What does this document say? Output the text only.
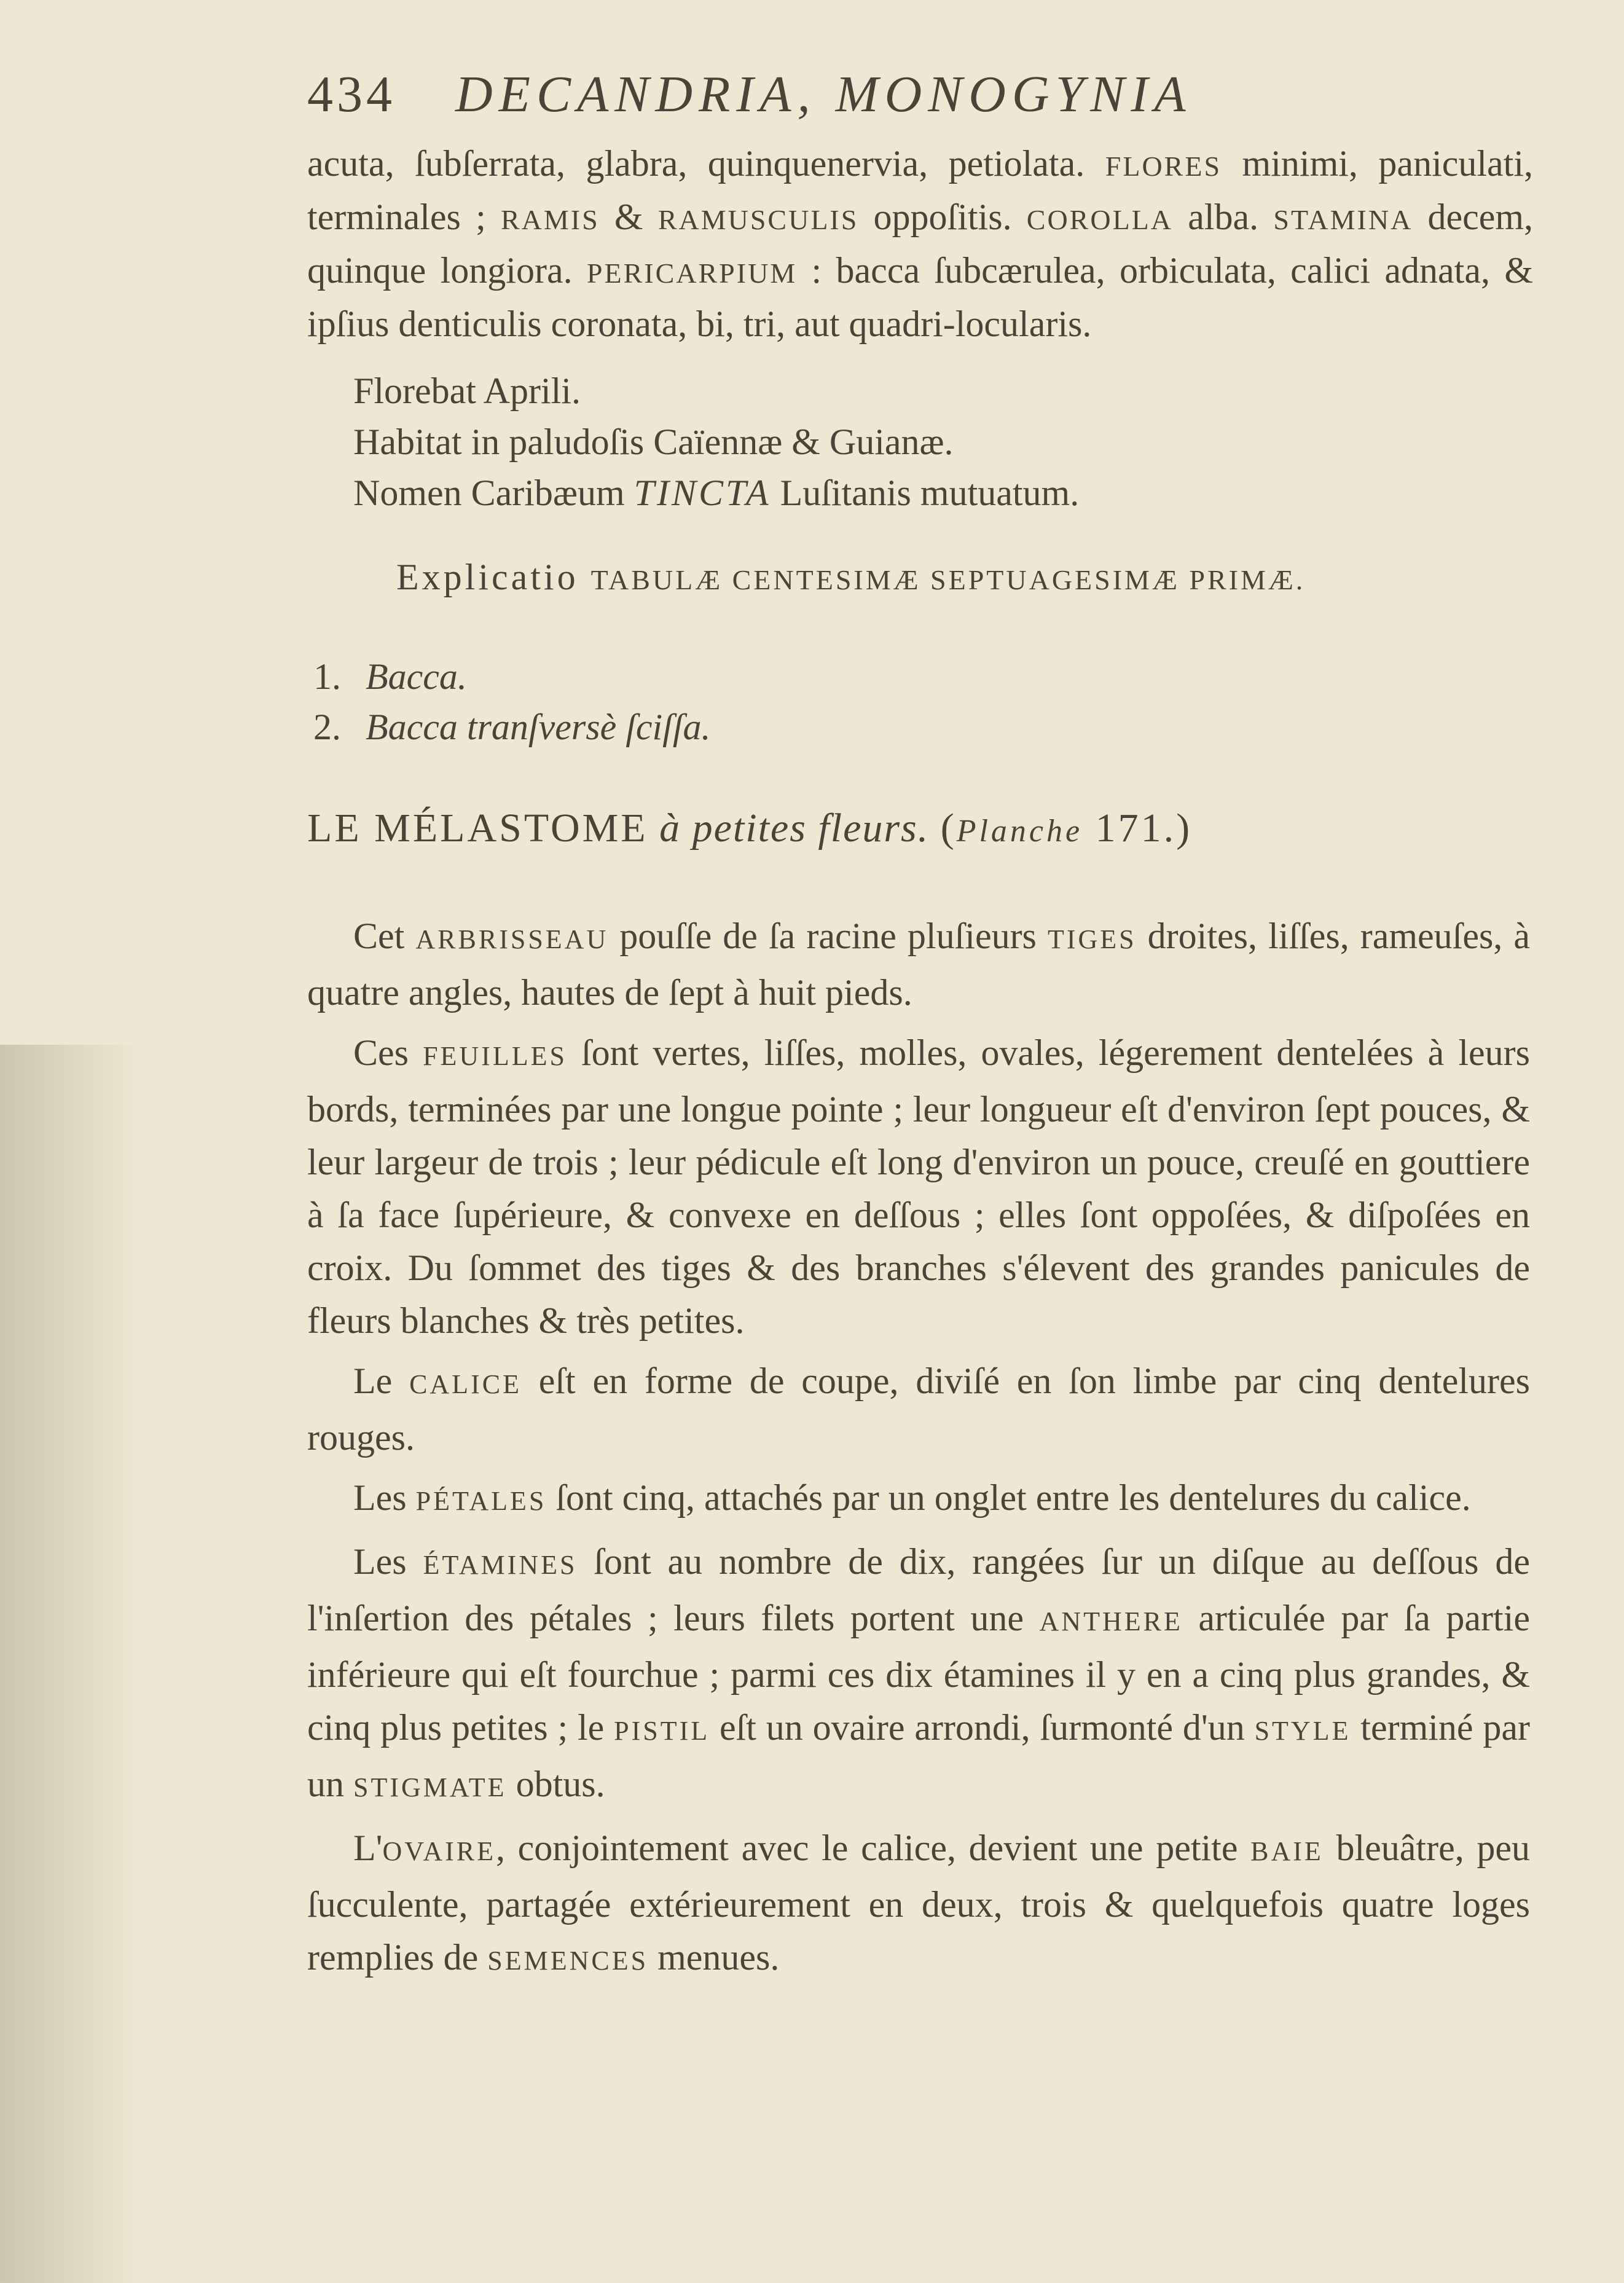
434 DECANDRIA, MONOGYNIA

acuta, ſubſerrata, glabra, quinquenervia, petiolata. FLORES minimi, paniculati, terminales ; RAMIS & RAMUSCULIS oppoſitis. COROLLA alba. STAMINA decem, quinque longiora. PERICARPIUM : bacca ſubcærulea, orbiculata, calici adnata, & ipſius denticulis coronata, bi, tri, aut quadri-locularis.

Florebat Aprili.

Habitat in paludoſis Caïennæ & Guianæ.

Nomen Caribæum TINCTA Luſitanis mutuatum.

Explicatio TABULÆ CENTESIMÆ SEPTUAGESIMÆ PRIMÆ.

1. Bacca.

2. Bacca tranſversè ſciſſa.

LE MÉLASTOME à petites fleurs. (Planche 171.)

Cet ARBRISSEAU pouſſe de ſa racine pluſieurs TIGES droites, liſſes, rameuſes, à quatre angles, hautes de ſept à huit pieds.

Ces FEUILLES ſont vertes, liſſes, molles, ovales, légerement dentelées à leurs bords, terminées par une longue pointe ; leur longueur eſt d'environ ſept pouces, & leur largeur de trois ; leur pédicule eſt long d'environ un pouce, creuſé en gouttiere à ſa face ſupérieure, & convexe en deſſous ; elles ſont oppoſées, & diſpoſées en croix. Du ſommet des tiges & des branches s'élevent des grandes panicules de fleurs blanches & très petites.

Le CALICE eſt en forme de coupe, diviſé en ſon limbe par cinq dentelures rouges.

Les PÉTALES ſont cinq, attachés par un onglet entre les dentelures du calice.

Les ÉTAMINES ſont au nombre de dix, rangées ſur un diſque au deſſous de l'inſertion des pétales ; leurs filets portent une ANTHERE articulée par ſa partie inférieure qui eſt fourchue ; parmi ces dix étamines il y en a cinq plus grandes, & cinq plus petites ; le PISTIL eſt un ovaire arrondi, ſurmonté d'un STYLE terminé par un STIGMATE obtus.

L'OVAIRE, conjointement avec le calice, devient une petite BAIE bleuâtre, peu ſucculente, partagée extérieurement en deux, trois & quelquefois quatre loges remplies de SEMENCES menues.
